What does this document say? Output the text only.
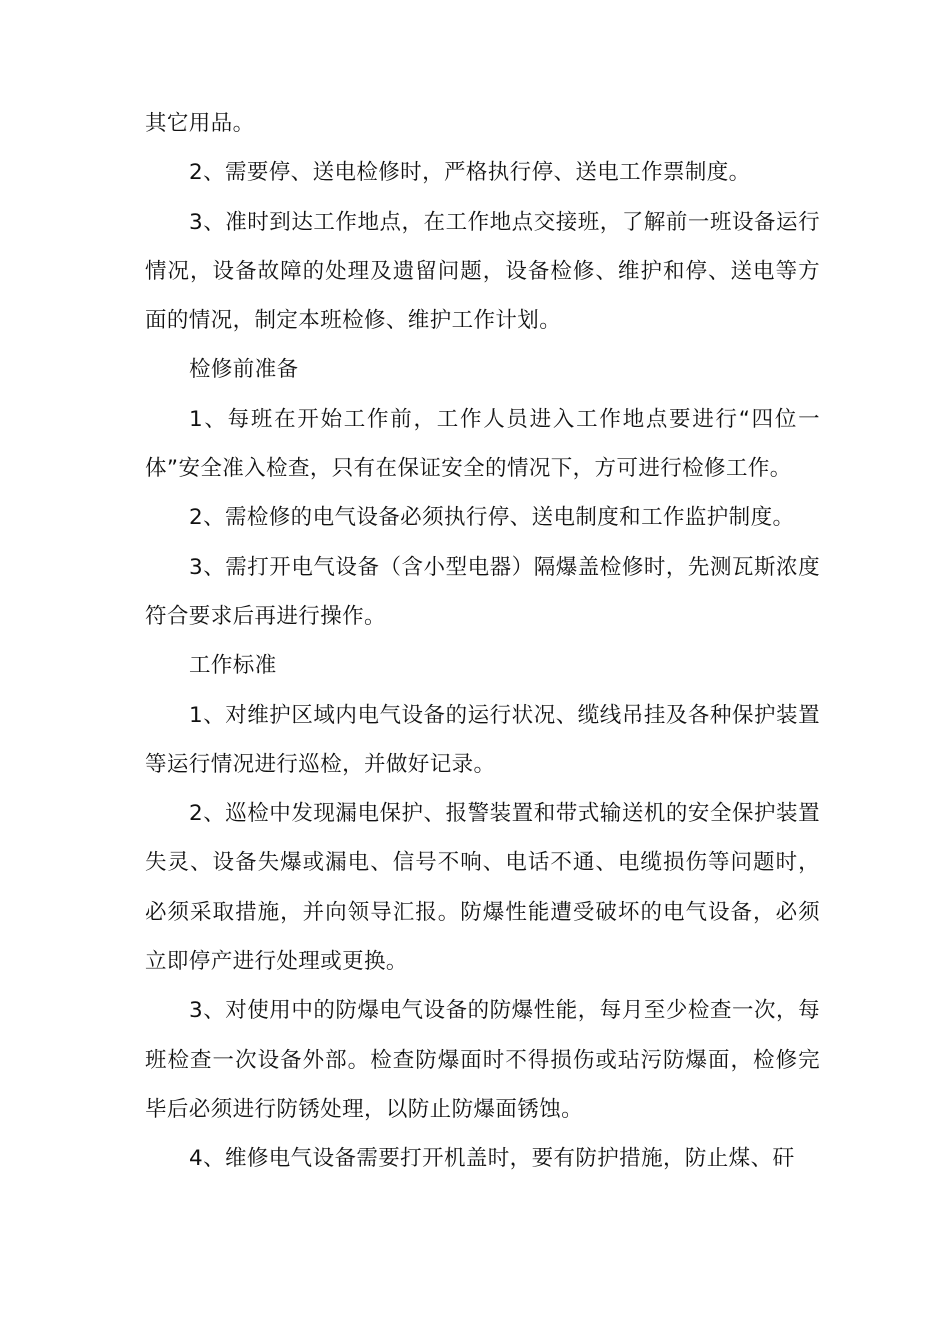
其它用品。

2、需要停、送电检修时，严格执行停、送电工作票制度。

3、准时到达工作地点，在工作地点交接班，了解前一班设备运行情况，设备故障的处理及遗留问题，设备检修、维护和停、送电等方面的情况，制定本班检修、维护工作计划。

检修前准备

1、每班在开始工作前，工作人员进入工作地点要进行“四位一体”安全准入检查，只有在保证安全的情况下，方可进行检修工作。

2、需检修的电气设备必须执行停、送电制度和工作监护制度。

3、需打开电气设备（含小型电器）隔爆盖检修时，先测瓦斯浓度符合要求后再进行操作。

工作标准

1、对维护区域内电气设备的运行状况、缆线吊挂及各种保护装置等运行情况进行巡检，并做好记录。

2、巡检中发现漏电保护、报警装置和带式输送机的安全保护装置失灵、设备失爆或漏电、信号不响、电话不通、电缆损伤等问题时，必须采取措施，并向领导汇报。防爆性能遭受破坏的电气设备，必须立即停产进行处理或更换。

3、对使用中的防爆电气设备的防爆性能，每月至少检查一次，每班检查一次设备外部。检查防爆面时不得损伤或玷污防爆面，检修完毕后必须进行防锈处理，以防止防爆面锈蚀。

4、维修电气设备需要打开机盖时，要有防护措施，防止煤、矸
